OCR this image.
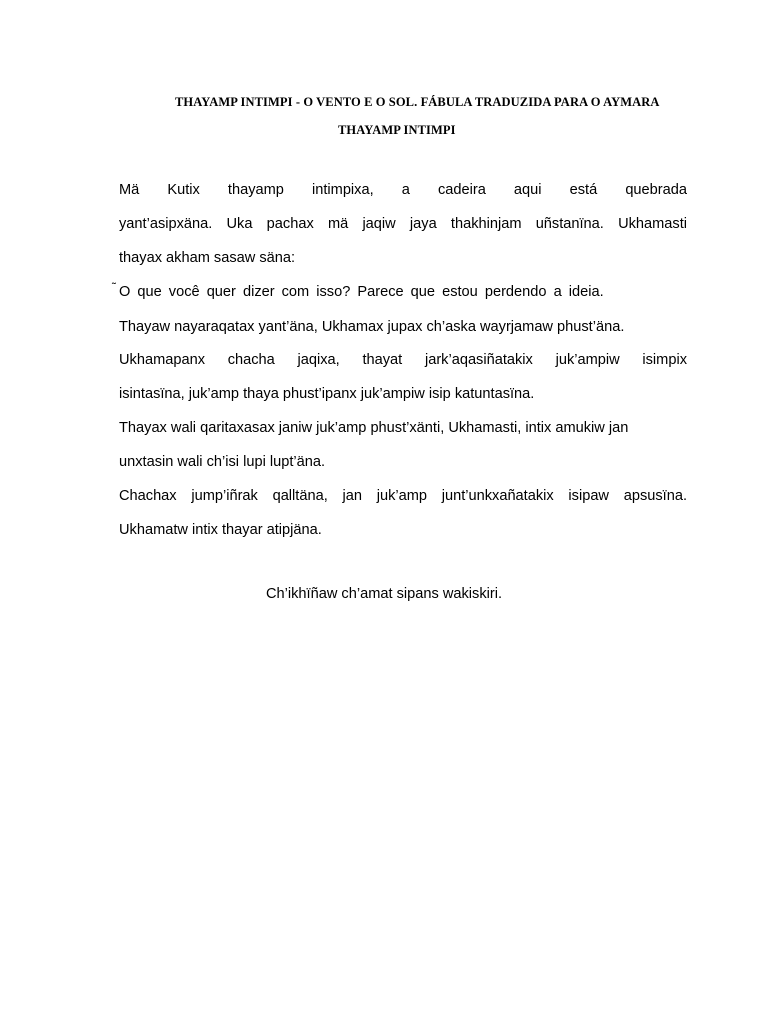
THAYAMP INTIMPI - O VENTO E O SOL. FÁBULA TRADUZIDA PARA O AYMARA
THAYAMP INTIMPI
Mä Kutix thayamp intimpixa, a cadeira aqui está quebrada
yant’asipxäna. Uka pachax mä jaqiw jaya thakhinjam uñstanïna. Ukhamasti
thayax akham sasaw säna:
˜ O que você quer dizer com isso? Parece que estou perdendo a ideia.
Thayaw nayaraqatax yant’äna, Ukhamax jupax ch’aska wayrjamaw phust’äna.
Ukhamapanx chacha jaqixa, thayat jark’aqasiñatakix juk’ampiw isimpix
isintasïna, juk’amp thaya phust’ipanx juk’ampiw isip katuntasïna.
Thayax wali qaritaxasax janiw juk’amp phust’xänti, Ukhamasti, intix amukiw jan
unxtasin wali ch’isi lupi lupt’äna.
Chachax jump’iñrak qalltäna, jan juk’amp junt’unkxañatakix isipaw apsusïna.
Ukhamatw intix thayar atipjäna.
Ch’ikhïñaw ch’amat sipans wakiskiri.
